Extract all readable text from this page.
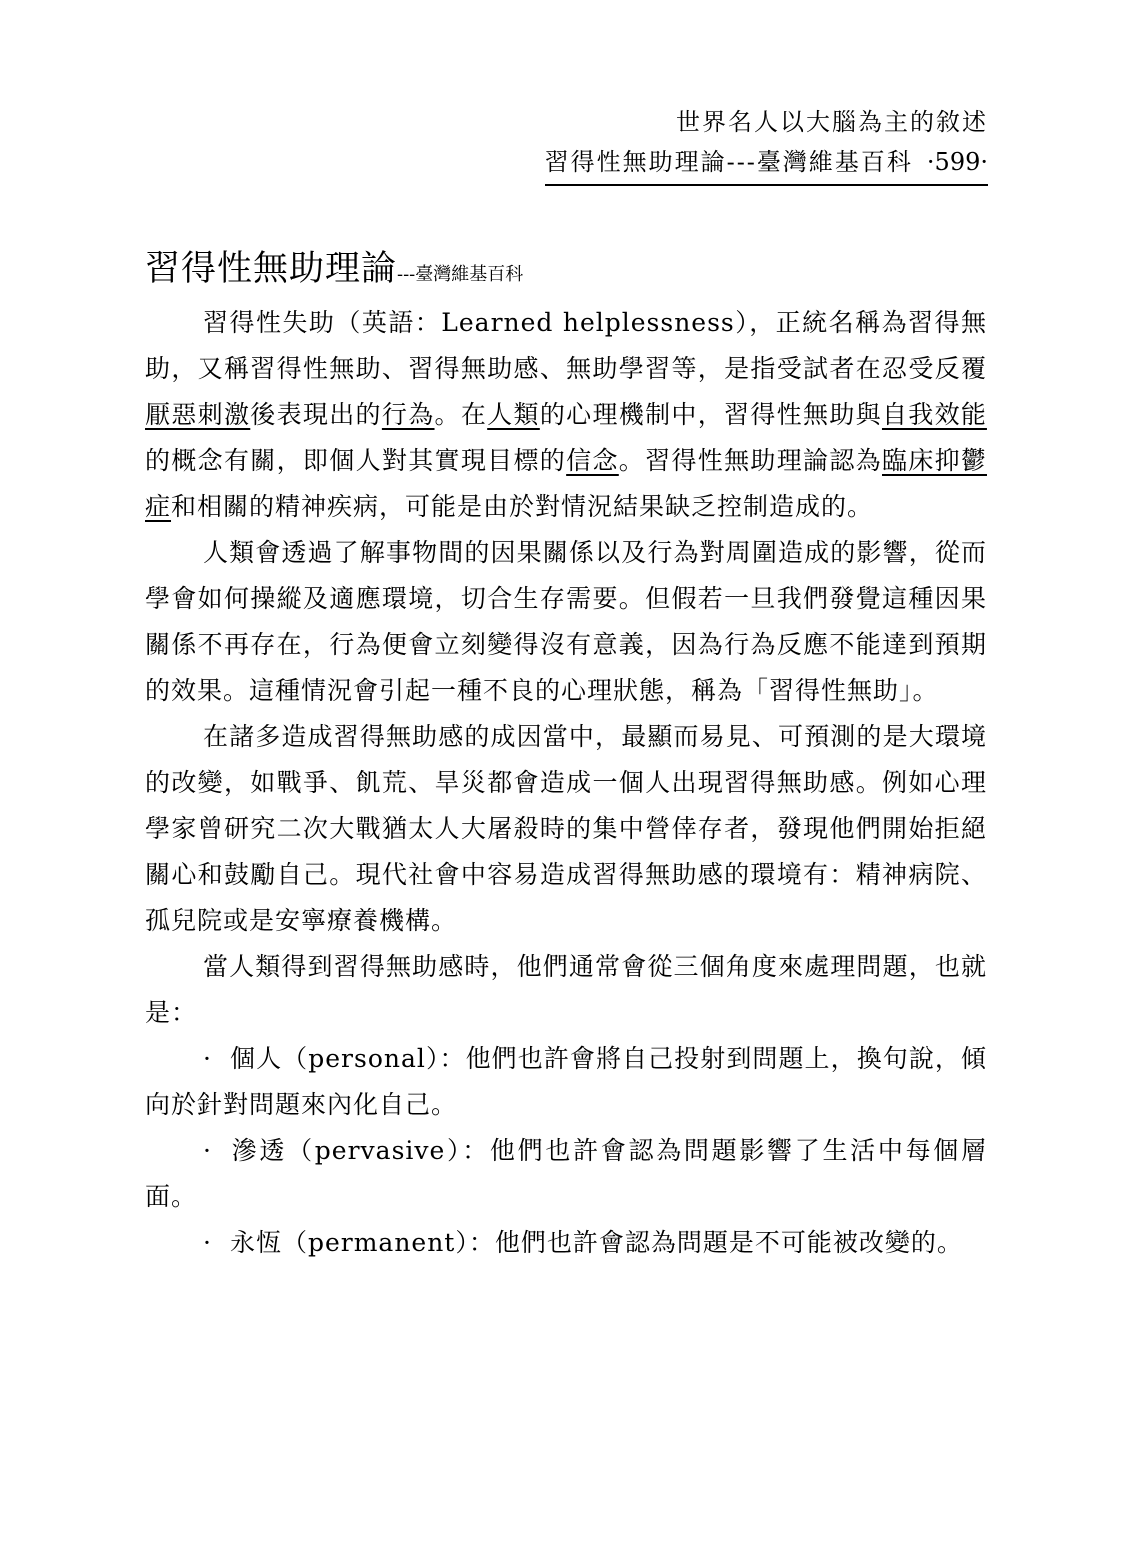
世界名人以大腦為主的敘述
習得性無助理論---臺灣維基百科 ·599·
習得性無助理論---臺灣維基百科

習得性失助（英語：Learned helplessness），正統名稱為習得無助，又稱習得性無助、習得無助感、無助學習等，是指受試者在忍受反覆厭惡刺激後表現出的行為。在人類的心理機制中，習得性無助與自我效能的概念有關，即個人對其實現目標的信念。習得性無助理論認為臨床抑鬱症和相關的精神疾病，可能是由於對情況結果缺乏控制造成的。

人類會透過了解事物間的因果關係以及行為對周圍造成的影響，從而學會如何操縱及適應環境，切合生存需要。但假若一旦我們發覺這種因果關係不再存在，行為便會立刻變得沒有意義，因為行為反應不能達到預期的效果。這種情況會引起一種不良的心理狀態，稱為「習得性無助」。

在諸多造成習得無助感的成因當中，最顯而易見、可預測的是大環境的改變，如戰爭、飢荒、旱災都會造成一個人出現習得無助感。例如心理學家曾研究二次大戰猶太人大屠殺時的集中營倖存者，發現他們開始拒絕關心和鼓勵自己。現代社會中容易造成習得無助感的環境有：精神病院、孤兒院或是安寧療養機構。

當人類得到習得無助感時，他們通常會從三個角度來處理問題，也就是：

· 個人（personal）：他們也許會將自己投射到問題上，換句說，傾向於針對問題來內化自己。

· 滲透（pervasive）：他們也許會認為問題影響了生活中每個層面。

· 永恆（permanent）：他們也許會認為問題是不可能被改變的。
